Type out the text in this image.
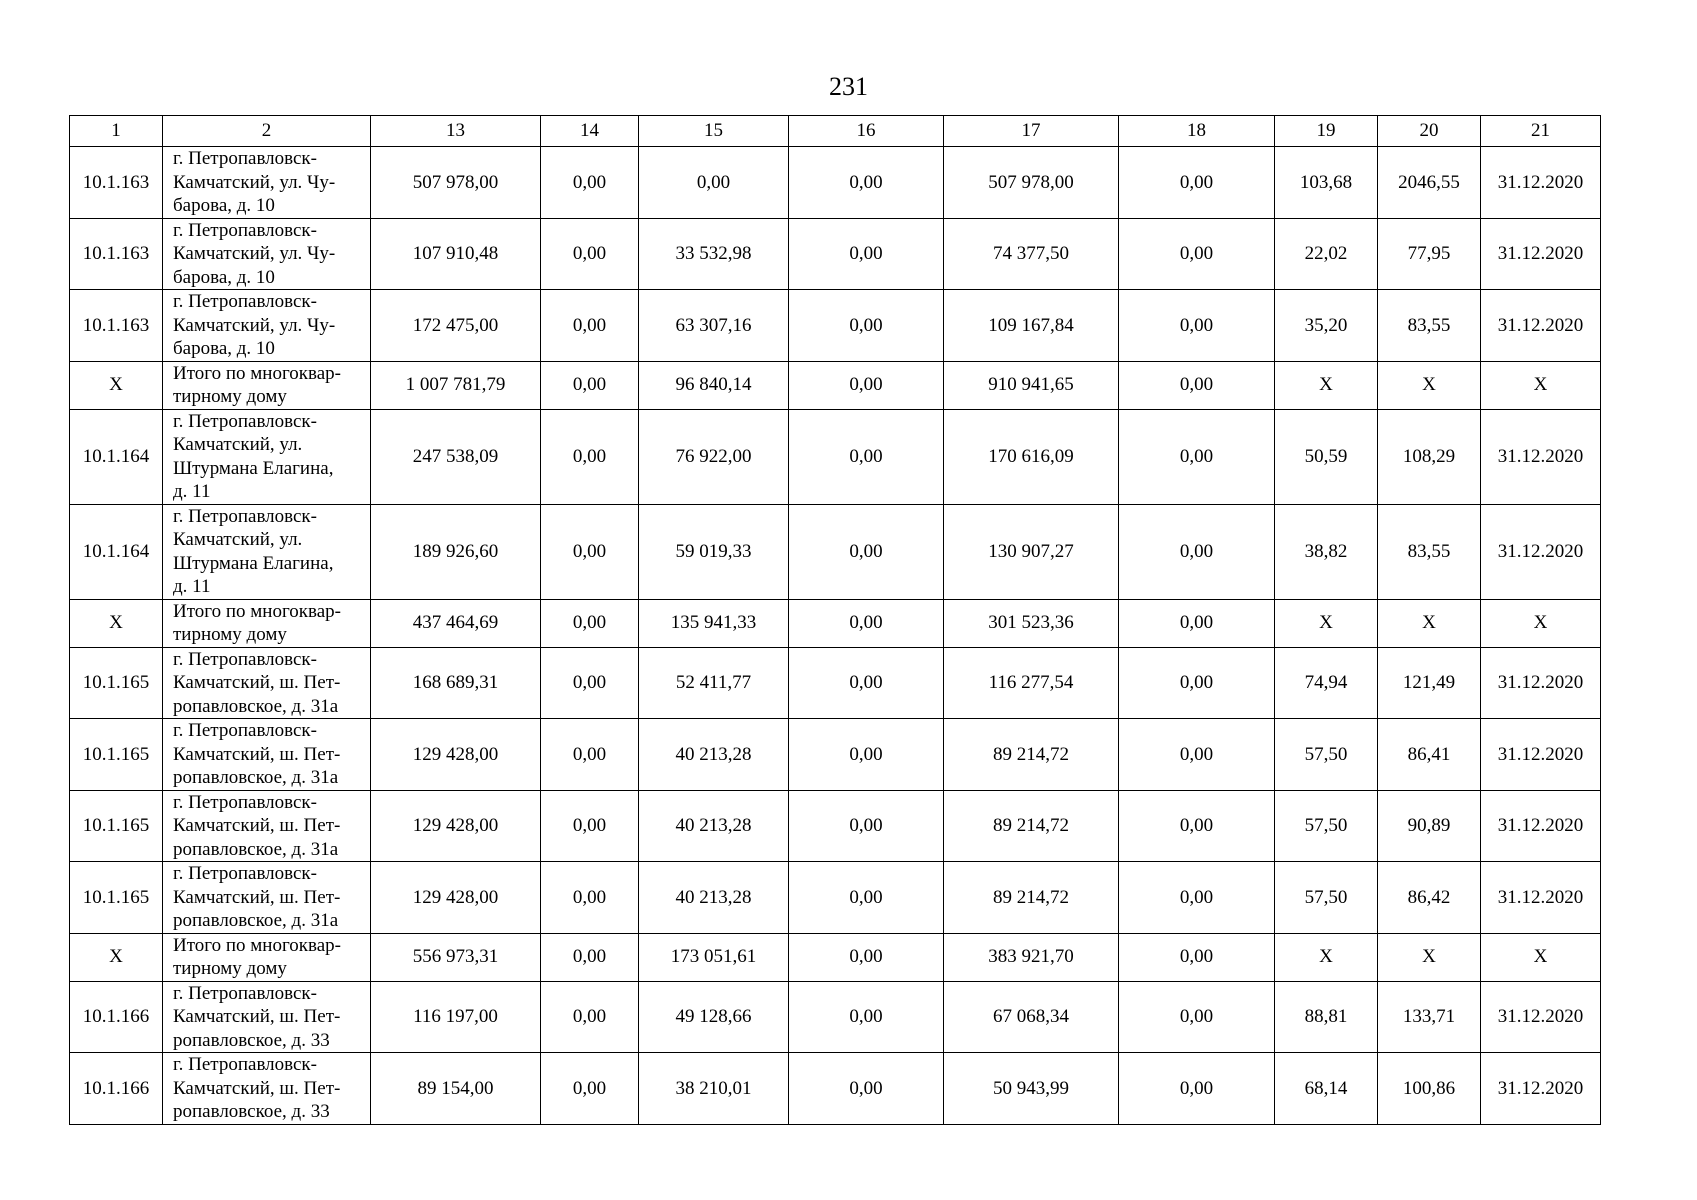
231
1	2	13	14	15	16	17	18	19	20	21
10.1.163	г. Петропавловск-
Камчатский, ул. Чу-
барова, д. 10	507 978,00	0,00	0,00	0,00	507 978,00	0,00	103,68	2046,55	31.12.2020
10.1.163	г. Петропавловск-
Камчатский, ул. Чу-
барова, д. 10	107 910,48	0,00	33 532,98	0,00	74 377,50	0,00	22,02	77,95	31.12.2020
10.1.163	г. Петропавловск-
Камчатский, ул. Чу-
барова, д. 10	172 475,00	0,00	63 307,16	0,00	109 167,84	0,00	35,20	83,55	31.12.2020
X	Итого по многоквар-
тирному дому	1 007 781,79	0,00	96 840,14	0,00	910 941,65	0,00	X	X	X
10.1.164	г. Петропавловск-
Камчатский, ул.
Штурмана Елагина,
д. 11	247 538,09	0,00	76 922,00	0,00	170 616,09	0,00	50,59	108,29	31.12.2020
10.1.164	г. Петропавловск-
Камчатский, ул.
Штурмана Елагина,
д. 11	189 926,60	0,00	59 019,33	0,00	130 907,27	0,00	38,82	83,55	31.12.2020
X	Итого по многоквар-
тирному дому	437 464,69	0,00	135 941,33	0,00	301 523,36	0,00	X	X	X
10.1.165	г. Петропавловск-
Камчатский, ш. Пет-
ропавловское, д. 31а	168 689,31	0,00	52 411,77	0,00	116 277,54	0,00	74,94	121,49	31.12.2020
10.1.165	г. Петропавловск-
Камчатский, ш. Пет-
ропавловское, д. 31а	129 428,00	0,00	40 213,28	0,00	89 214,72	0,00	57,50	86,41	31.12.2020
10.1.165	г. Петропавловск-
Камчатский, ш. Пет-
ропавловское, д. 31а	129 428,00	0,00	40 213,28	0,00	89 214,72	0,00	57,50	90,89	31.12.2020
10.1.165	г. Петропавловск-
Камчатский, ш. Пет-
ропавловское, д. 31а	129 428,00	0,00	40 213,28	0,00	89 214,72	0,00	57,50	86,42	31.12.2020
X	Итого по многоквар-
тирному дому	556 973,31	0,00	173 051,61	0,00	383 921,70	0,00	X	X	X
10.1.166	г. Петропавловск-
Камчатский, ш. Пет-
ропавловское, д. 33	116 197,00	0,00	49 128,66	0,00	67 068,34	0,00	88,81	133,71	31.12.2020
10.1.166	г. Петропавловск-
Камчатский, ш. Пет-
ропавловское, д. 33	89 154,00	0,00	38 210,01	0,00	50 943,99	0,00	68,14	100,86	31.12.2020
